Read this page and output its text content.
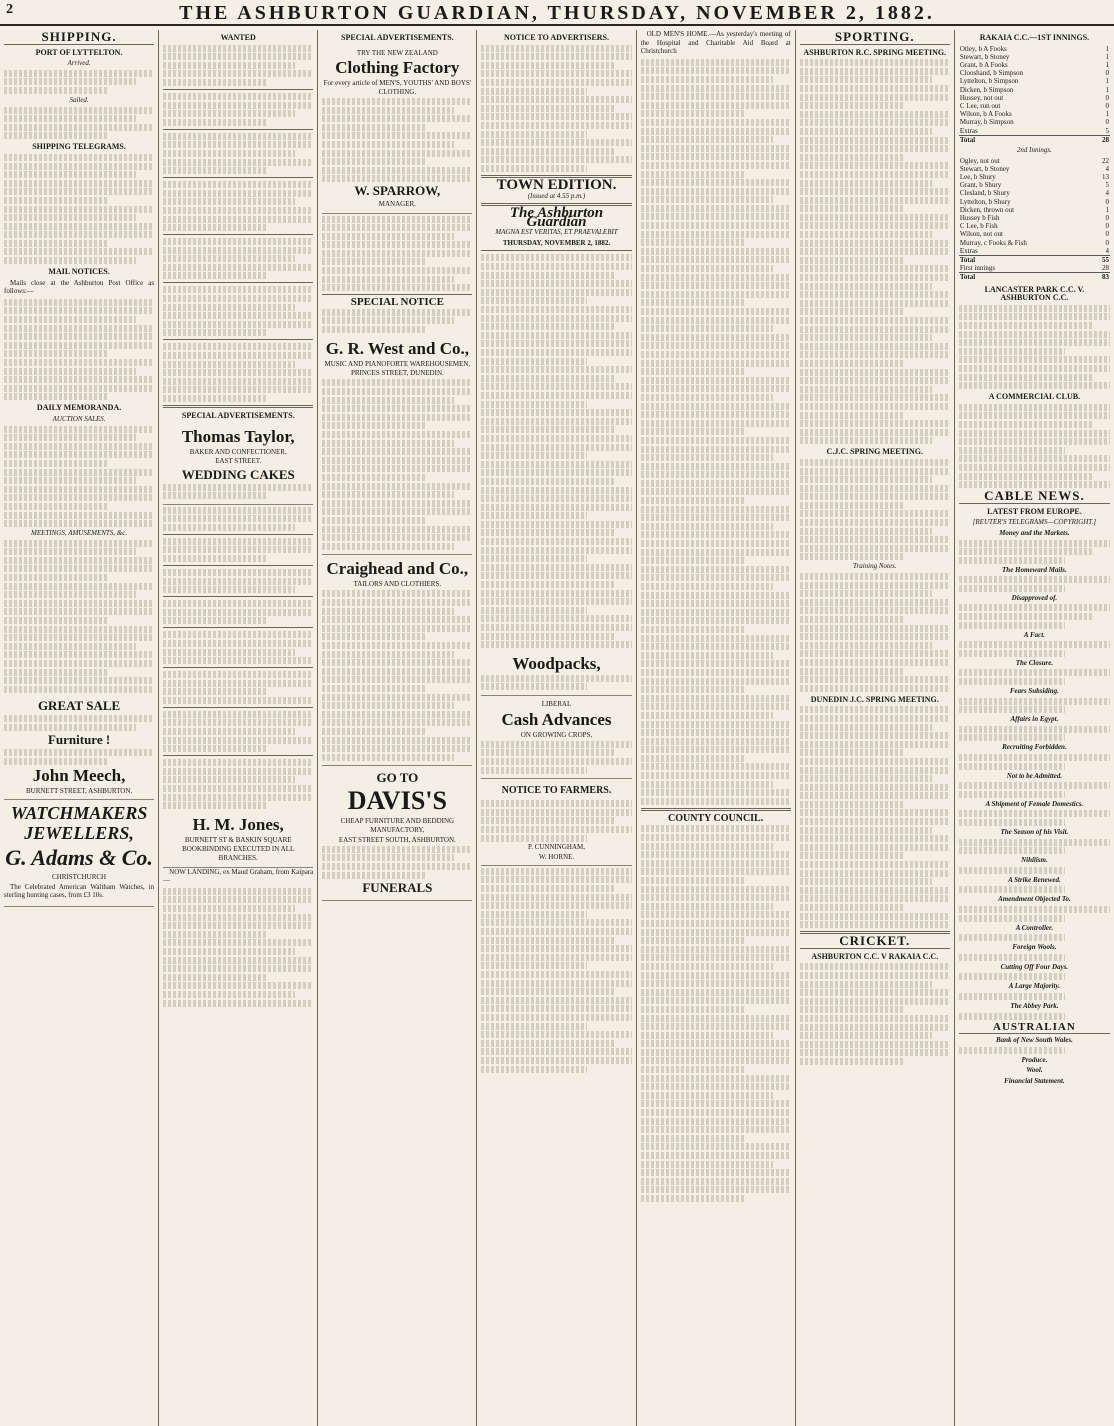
2	THE ASHBURTON GUARDIAN, THURSDAY, NOVEMBER 2, 1882.
SHIPPING.
PORT OF LYTTELTON.
Arrived.
Sailed.
SHIPPING TELEGRAMS.
MAIL NOTICES.
Mails close at the Ashburton Post Office as follows:—
DAILY MEMORANDA.
AUCTION SALES.
MEETINGS, AMUSEMENTS, &c.
GREAT SALE
Furniture !
John Meech,
BURNETT STREET, ASHBURTON.
WATCHMAKERS
JEWELLERS,
G. Adams & Co.
CHRISTCHURCH
The Celebrated American Waltham Watches, in sterling hunting cases, from £3 10s.
WANTED
SPECIAL ADVERTISEMENTS.
Thomas Taylor,
BAKER AND CONFECTIONER,
EAST STREET.
WEDDING CAKES
H. M. Jones,
BURNETT ST & BASKIN SQUARE
BOOKBINDING EXECUTED IN ALL BRANCHES.
NOW LANDING, ex Maud Graham, from Kaipara—
SPECIAL ADVERTISEMENTS.
TRY THE NEW ZEALAND
Clothing Factory
For every article of MEN'S, YOUTHS' AND BOYS' CLOTHING.
W. SPARROW,
MANAGER.
SPECIAL NOTICE
G. R. West and Co.,
MUSIC AND PIANOFORTE WAREHOUSEMEN,
PRINCES STREET, DUNEDIN.
Craighead and Co.,
TAILORS AND CLOTHIERS.
GO TO
DAVIS'S
CHEAP FURNITURE AND BEDDING MANUFACTORY,
EAST STREET SOUTH, ASHBURTON.
FUNERALS
NOTICE TO ADVERTISERS.
TOWN EDITION.
(Issued at 4.55 p.m.)
The Ashburton Guardian
MAGNA EST VERITAS, ET PRAEVALEBIT
THURSDAY, NOVEMBER 2, 1882.
Woodpacks,
LIBERAL
Cash Advances
ON GROWING CROPS,
NOTICE TO FARMERS.
P. CUNNINGHAM,
W. HORNE.
OLD MEN'S HOME.—As yesterday's meeting of the Hospital and Charitable Aid Board at Christchurch
COUNTY COUNCIL.
SPORTING.
ASHBURTON R.C. SPRING MEETING.
C.J.C. SPRING MEETING.
Training Notes.
DUNEDIN J.C. SPRING MEETING.
CRICKET.
ASHBURTON C.C. V RAKAIA C.C.
RAKAIA C.C.—1ST INNINGS.
Otley, b A Fooks	1
Stewart, b Stoney	1
Grant, b A Fooks	1
Clooshand, b Simpson	0
Lyttelton, b Simpson	1
Dicken, b Simpson	1
Hussey, not out	0
C Lee, run out	0
Wilson, b A Fooks	1
Murray, b Simpson	0
Extras	5
Total	28
2nd Innings.
Ogley, not out	22
Stewart, b Stoney	4
Lee, b Shury	13
Grant, b Shury	5
Clesland, b Shury	4
Lyttelton, b Shury	0
Dicken, thrown out	1
Hussey b Fish	0
C Lee, b Fish	0
Wilson, not out	0
Murray, c Fooks & Fish	0
Extras	4
Total	55
First innings	28
Total	83
LANCASTER PARK C.C. V. ASHBURTON C.C.
A COMMERCIAL CLUB.
CABLE NEWS.
LATEST FROM EUROPE.
[REUTER'S TELEGRAMS—COPYRIGHT.]
Money and the Markets.
The Homeward Mails.
Disapproved of.
A Fact.
The Closure.
Fears Subsiding.
Affairs in Egypt.
Recruiting Forbidden.
Not to be Admitted.
A Shipment of Female Domestics.
The Season of his Visit.
Nihilism.
A Strike Renewed.
Amendment Objected To.
A Controller.
Foreign Wools.
Cutting Off Four Days.
A Large Majority.
The Abbey Park.
AUSTRALIAN
Bank of New South Wales.
Produce.
Wool.
Financial Statement.
